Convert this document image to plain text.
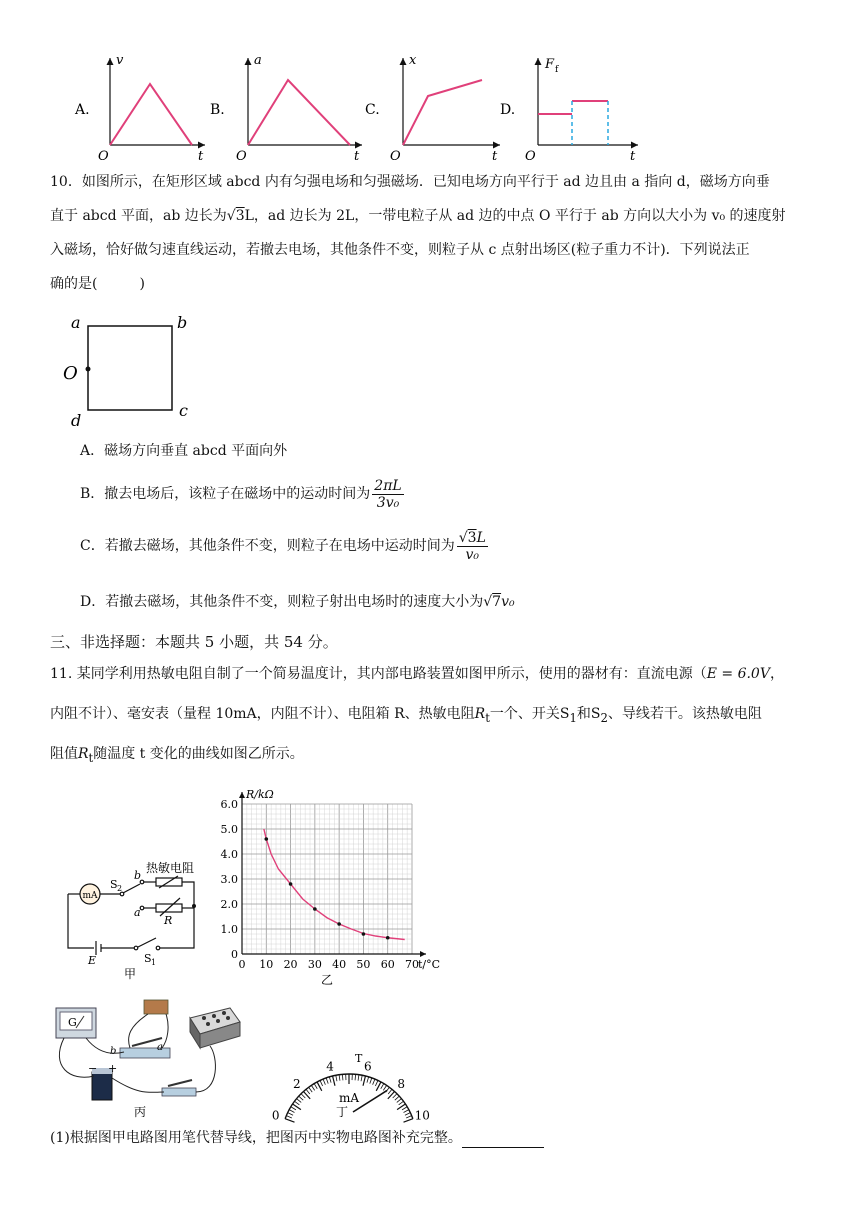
A.
v
O	t
B.
a
O	t
C.
x
O	t
D.
F f
O	t
10．如图所示，在矩形区域 abcd 内有匀强电场和匀强磁场．已知电场方向平行于 ad 边且由 a 指向 d，磁场方向垂
直于 abcd 平面，ab 边长为√3L，ad 边长为 2L，一带电粒子从 ad 边的中点 O 平行于 ab 方向以大小为 v₀ 的速度射
入磁场，恰好做匀速直线运动，若撤去电场，其他条件不变，则粒子从 c 点射出场区(粒子重力不计)．下列说法正
确的是(　　　)
a	b
c
d
O
A．磁场方向垂直 abcd 平面向外
B．撤去电场后，该粒子在磁场中的运动时间为 $\frac{2\pi L}{\text{3v₀}}$
C．若撤去磁场，其他条件不变，则粒子在电场中运动时间为 $\frac{√3L}{\text{v₀}}$
D．若撤去磁场，其他条件不变，则粒子射出电场时的速度大小为√7v₀
三、非选择题：本题共 5 小题，共 54 分。
11. 某同学利用热敏电阻自制了一个简易温度计，其内部电路装置如图甲所示，使用的器材有：直流电源（E = 6.0V，
内阻不计）、毫安表（量程 10mA，内阻不计）、电阻箱 R、热敏电阻$R_t$一个、开关$S_1$和$S_2$、导线若干。该热敏电阻
阻值$R_t$随温度 t 变化的曲线如图乙所示。
mA
S 2
b
a
热敏电阻
R
E	S 1
甲
0 10 20 30 40 50 60 70
0
1.0
2.0
3.0
4.0
5.0
6.0
R/kΩ
t/°C
乙
G
b	a
− +
丙	丁
0
2
4	6
8
10
T
mA
(1)根据图甲电路图用笔代替导线，把图丙中实物电路图补充完整。
